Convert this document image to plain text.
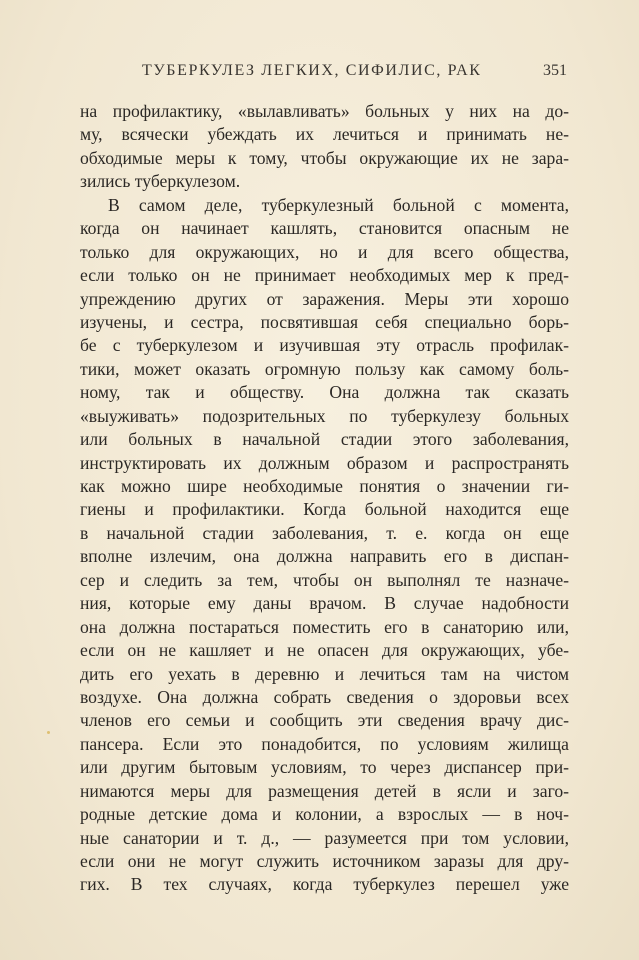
ТУБЕРКУЛЕЗ ЛЕГКИХ, СИФИЛИС, РАК	351
на профилактику, «вылавливать» больных у них на до-
му, всячески убеждать их лечиться и принимать не-
обходимые меры к тому, чтобы окружающие их не зара-
зились туберкулезом.
В самом деле, туберкулезный больной с момента,
когда он начинает кашлять, становится опасным не
только для окружающих, но и для всего общества,
если только он не принимает необходимых мер к пред-
упреждению других от заражения. Меры эти хорошо
изучены, и сестра, посвятившая себя специально борь-
бе с туберкулезом и изучившая эту отрасль профилак-
тики, может оказать огромную пользу как самому боль-
ному, так и обществу. Она должна так сказать
«выуживать» подозрительных по туберкулезу больных
или больных в начальной стадии этого заболевания,
инструктировать их должным образом и распространять
как можно шире необходимые понятия о значении ги-
гиены и профилактики. Когда больной находится еще
в начальной стадии заболевания, т. е. когда он еще
вполне излечим, она должна направить его в диспан-
сер и следить за тем, чтобы он выполнял те назначе-
ния, которые ему даны врачом. В случае надобности
она должна постараться поместить его в санаторию или,
если он не кашляет и не опасен для окружающих, убе-
дить его уехать в деревню и лечиться там на чистом
воздухе. Она должна собрать сведения о здоровьи всех
членов его семьи и сообщить эти сведения врачу дис-
пансера. Если это понадобится, по условиям жилища
или другим бытовым условиям, то через диспансер при-
нимаются меры для размещения детей в ясли и заго-
родные детские дома и колонии, а взрослых — в ноч-
ные санатории и т. д., — разумеется при том условии,
если они не могут служить источником заразы для дру-
гих. В тех случаях, когда туберкулез перешел уже
